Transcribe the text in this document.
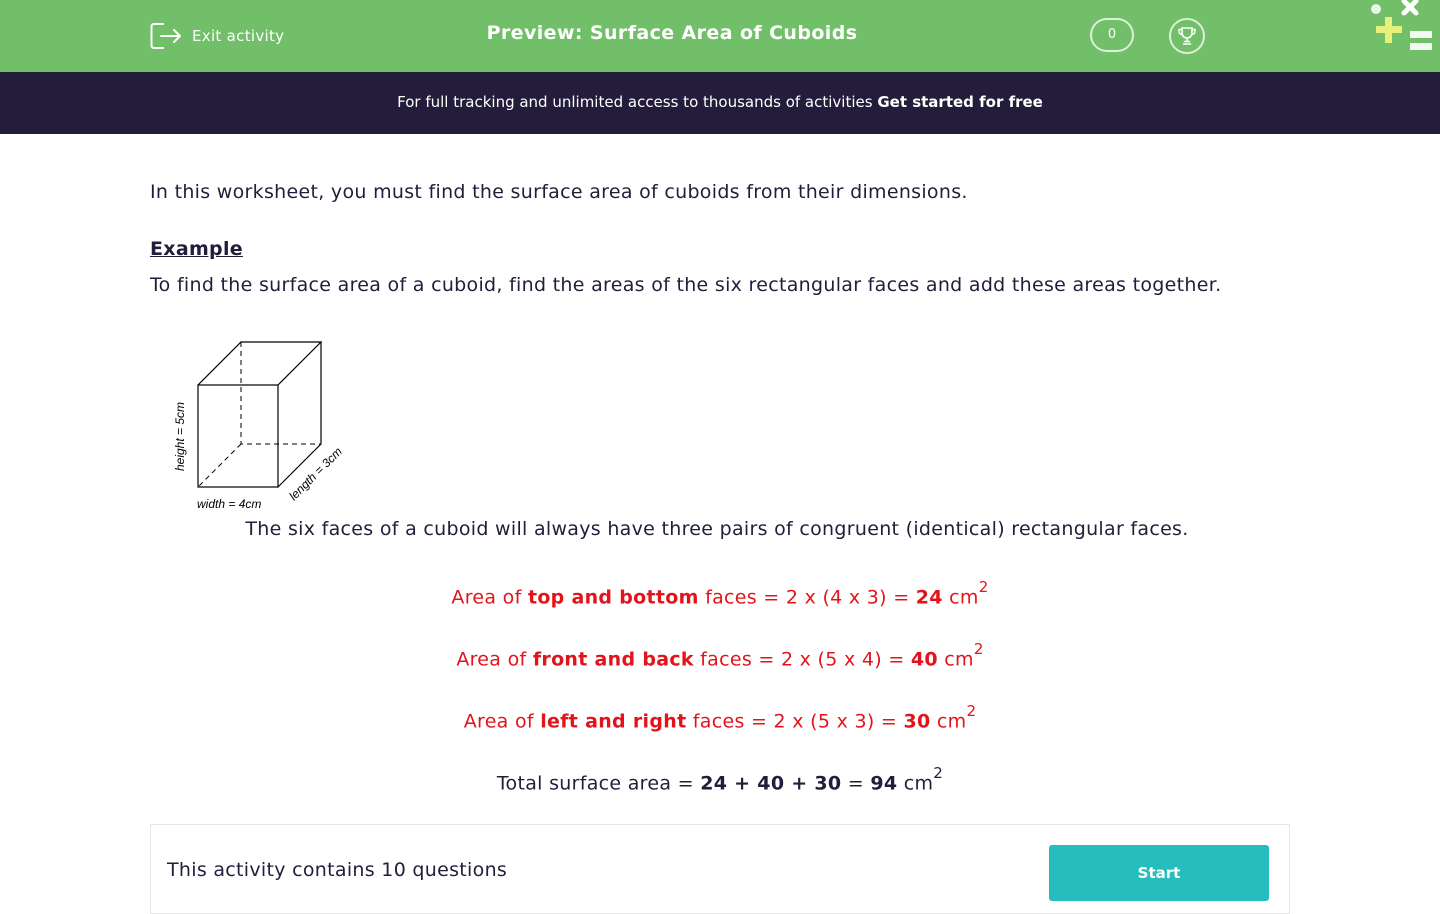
Exit activity	Preview: Surface Area of Cuboids	0
For full tracking and unlimited access to thousands of activities Get started for free

In this worksheet, you must find the surface area of cuboids from their dimensions.

Example
To find the surface area of a cuboid, find the areas of the six rectangular faces and add these areas together.
height = 5cm
width = 4cm
length = 3cm
The six faces of a cuboid will always have three pairs of congruent (identical) rectangular faces.
Area of top and bottom faces = 2 x (4 x 3) = 24 $cm^2$
Area of front and back faces = 2 x (5 x 4) = 40 $cm^2$
Area of left and right faces = 2 x (5 x 3) = 30 $cm^2$
Total surface area = 24 + 40 + 30 = 94 $cm^2$
This activity contains 10 questions	Start
